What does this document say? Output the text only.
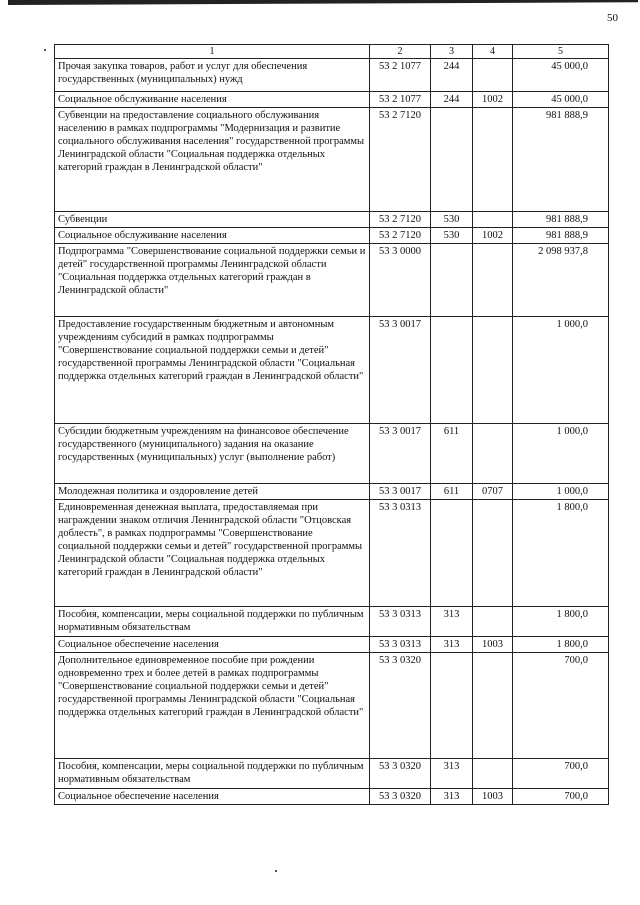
50
1	2	3	4	5
Прочая закупка товаров, работ и услуг для обеспечения государственных (муниципальных) нужд	53 2 1077	244		45 000,0
Социальное обслуживание населения	53 2 1077	244	1002	45 000,0
Субвенции на предоставление социального обслуживания населению в рамках подпрограммы "Модернизация и развитие социального обслуживания населения" государственной программы Ленинградской области "Социальная поддержка отдельных категорий граждан в Ленинградской области"	53 2 7120			981 888,9
Субвенции	53 2 7120	530		981 888,9
Социальное обслуживание населения	53 2 7120	530	1002	981 888,9
Подпрограмма "Совершенствование социальной поддержки семьи и детей" государственной программы Ленинградской области "Социальная поддержка отдельных категорий граждан в Ленинградской области"	53 3 0000			2 098 937,8
Предоставление государственным бюджетным и автономным учреждениям субсидий в рамках подпрограммы "Совершенствование социальной поддержки семьи и детей" государственной программы Ленинградской области "Социальная поддержка отдельных категорий граждан в Ленинградской области"	53 3 0017			1 000,0
Субсидии бюджетным учреждениям на финансовое обеспечение государственного (муниципального) задания на оказание государственных (муниципальных) услуг (выполнение работ)	53 3 0017	611		1 000,0
Молодежная политика и оздоровление детей	53 3 0017	611	0707	1 000,0
Единовременная денежная выплата, предоставляемая при награждении знаком отличия Ленинградской области "Отцовская доблесть", в рамках подпрограммы "Совершенствование социальной поддержки семьи и детей" государственной программы Ленинградской области "Социальная поддержка отдельных категорий граждан в Ленинградской области"	53 3 0313			1 800,0
Пособия, компенсации, меры социальной поддержки по публичным нормативным обязательствам	53 3 0313	313		1 800,0
Социальное обеспечение населения	53 3 0313	313	1003	1 800,0
Дополнительное единовременное пособие при рождении одновременно трех и более детей в рамках подпрограммы "Совершенствование социальной поддержки семьи и детей" государственной программы Ленинградской области "Социальная поддержка отдельных категорий граждан в Ленинградской области"	53 3 0320			700,0
Пособия, компенсации, меры социальной поддержки по публичным нормативным обязательствам	53 3 0320	313		700,0
Социальное обеспечение населения	53 3 0320	313	1003	700,0
